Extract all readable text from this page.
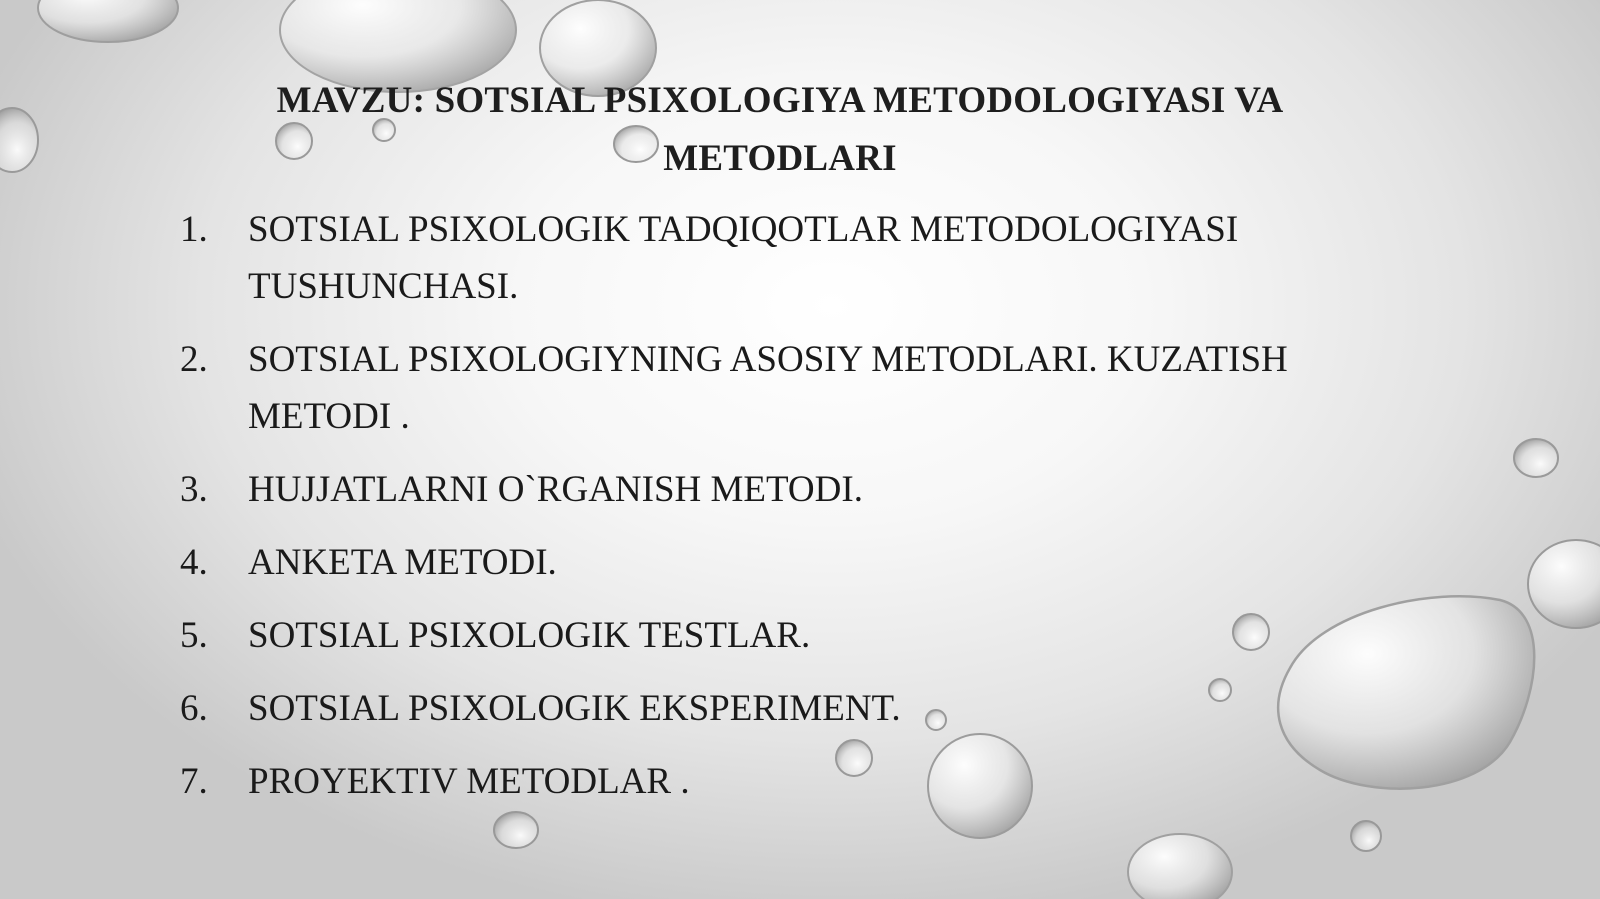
MAVZU: SOTSIAL PSIXOLOGIYA METODOLOGIYASI VA METODLARI
1.	SOTSIAL PSIXOLOGIK TADQIQOTLAR METODOLOGIYASI TUSHUNCHASI.
2.	SOTSIAL PSIXOLOGIYNING ASOSIY METODLARI. KUZATISH METODI .
3.	HUJJATLARNI O`RGANISH METODI.
4.	ANKETA METODI.
5.	SOTSIAL PSIXOLOGIK TESTLAR.
6.	SOTSIAL PSIXOLOGIK EKSPERIMENT.
7.	PROYEKTIV METODLAR .
